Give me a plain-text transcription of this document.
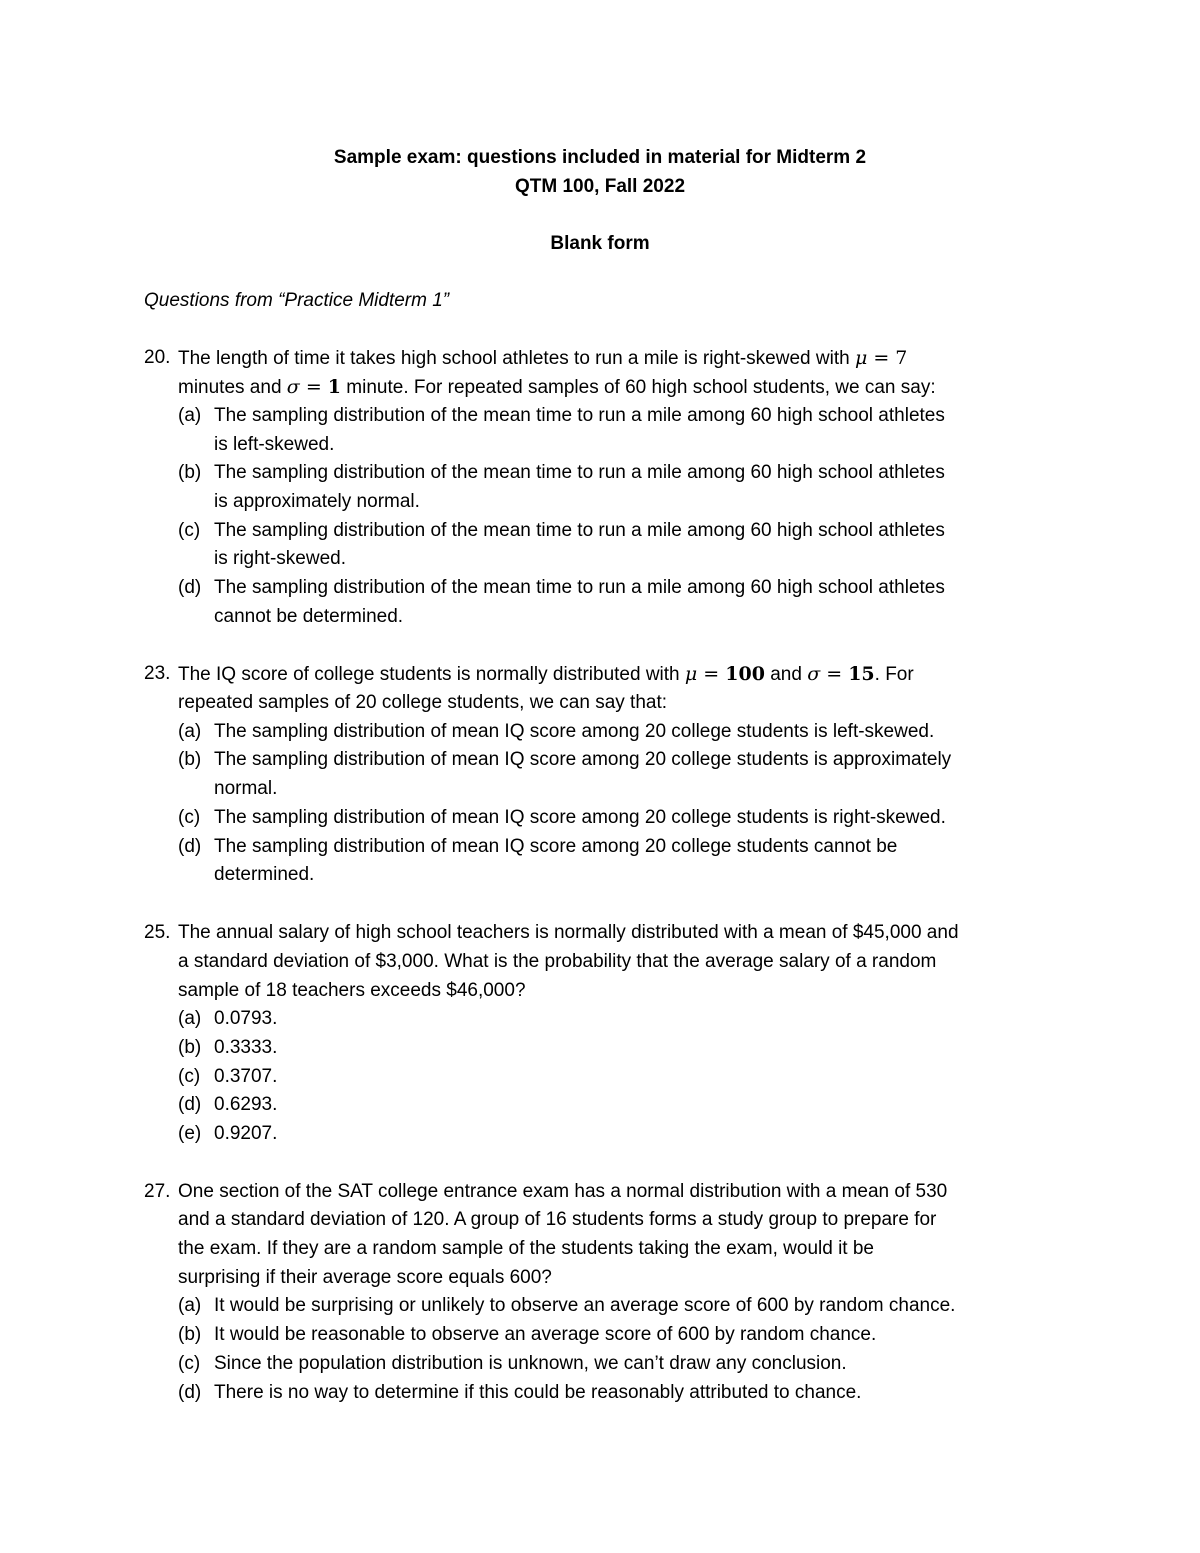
Sample exam: questions included in material for Midterm 2
QTM 100, Fall 2022
Blank form
Questions from “Practice Midterm 1”
20. The length of time it takes high school athletes to run a mile is right-skewed with μ = 7
minutes and σ = 1 minute. For repeated samples of 60 high school students, we can say:
(a) The sampling distribution of the mean time to run a mile among 60 high school athletes
is left-skewed.
(b) The sampling distribution of the mean time to run a mile among 60 high school athletes
is approximately normal.
(c) The sampling distribution of the mean time to run a mile among 60 high school athletes
is right-skewed.
(d) The sampling distribution of the mean time to run a mile among 60 high school athletes
cannot be determined.
23. The IQ score of college students is normally distributed with μ = 100 and σ = 15. For
repeated samples of 20 college students, we can say that:
(a) The sampling distribution of mean IQ score among 20 college students is left-skewed.
(b) The sampling distribution of mean IQ score among 20 college students is approximately
normal.
(c) The sampling distribution of mean IQ score among 20 college students is right-skewed.
(d) The sampling distribution of mean IQ score among 20 college students cannot be
determined.
25. The annual salary of high school teachers is normally distributed with a mean of $45,000 and
a standard deviation of $3,000. What is the probability that the average salary of a random
sample of 18 teachers exceeds $46,000?
(a) 0.0793.
(b) 0.3333.
(c) 0.3707.
(d) 0.6293.
(e) 0.9207.
27. One section of the SAT college entrance exam has a normal distribution with a mean of 530
and a standard deviation of 120. A group of 16 students forms a study group to prepare for
the exam. If they are a random sample of the students taking the exam, would it be
surprising if their average score equals 600?
(a) It would be surprising or unlikely to observe an average score of 600 by random chance.
(b) It would be reasonable to observe an average score of 600 by random chance.
(c) Since the population distribution is unknown, we can’t draw any conclusion.
(d) There is no way to determine if this could be reasonably attributed to chance.
